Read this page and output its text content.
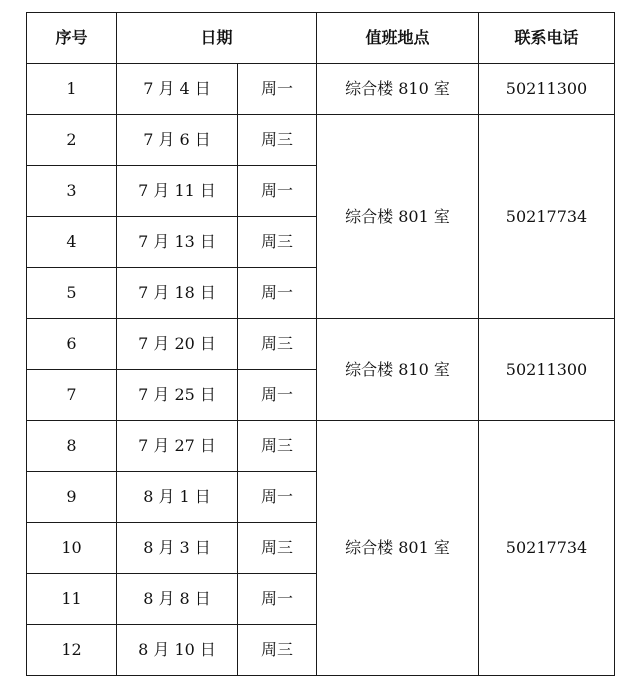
序号	日期		值班地点	联系电话
1	7 月 4 日	周一	综合楼 810 室	50211300
2	7 月 6 日	周三	综合楼 801 室	50217734
3	7 月 11 日	周一		
4	7 月 13 日	周三		
5	7 月 18 日	周一		
6	7 月 20 日	周三	综合楼 810 室	50211300
7	7 月 25 日	周一		
8	7 月 27 日	周三	综合楼 801 室	50217734
9	8 月 1 日	周一		
10	8 月 3 日	周三		
11	8 月 8 日	周一		
12	8 月 10 日	周三		
